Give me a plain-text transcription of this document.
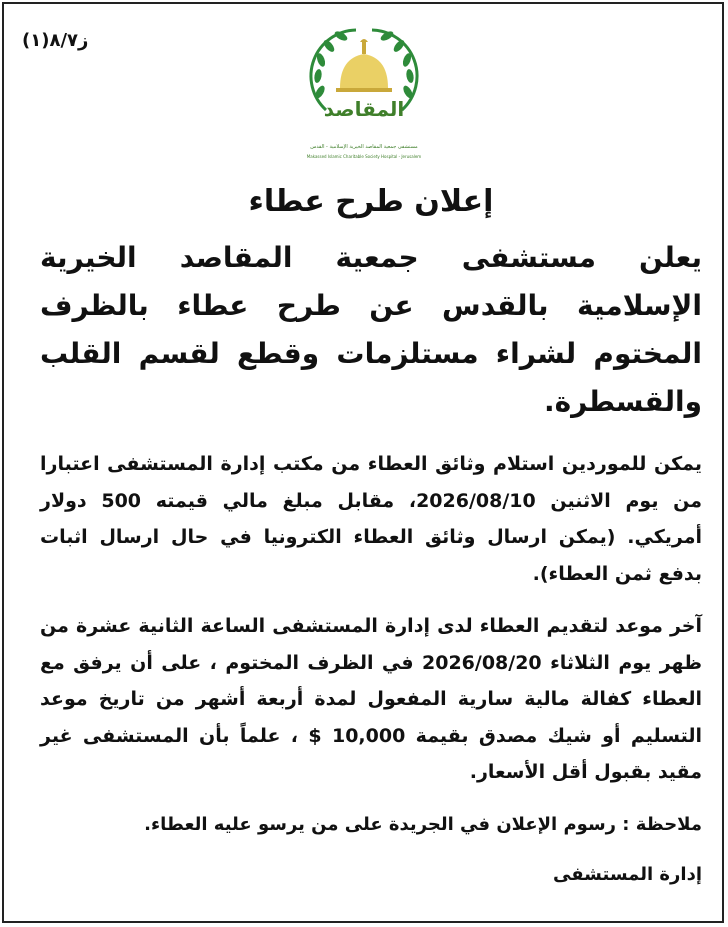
ز٨/٧(١)
المقاصد
مستشفى جمعية المقاصد الخيرية الإسلامية - القدس
Makassed Islamic Charitable Society Hospital - Jerusalem
إعلان طرح عطاء
يعلن مستشفى جمعية المقاصد الخيرية الإسلامية بالقدس عن طرح عطاء بالظرف المختوم لشراء مستلزمات وقطع لقسم القلب والقسطرة.
يمكن للموردين استلام وثائق العطاء من مكتب إدارة المستشفى اعتبارا من يوم الاثنين 2026/08/10، مقابل مبلغ مالي قيمته 500 دولار أمريكي. (يمكن ارسال وثائق العطاء الكترونيا في حال ارسال اثبات بدفع ثمن العطاء).
آخر موعد لتقديم العطاء لدى إدارة المستشفى الساعة الثانية عشرة من ظهر يوم الثلاثاء 2026/08/20 في الظرف المختوم ، على أن يرفق مع العطاء كفالة مالية سارية المفعول لمدة أربعة أشهر من تاريخ موعد التسليم أو شيك مصدق بقيمة 10,000 $ ، علماً بأن المستشفى غير مقيد بقبول أقل الأسعار.
ملاحظة : رسوم الإعلان في الجريدة على من يرسو عليه العطاء.
إدارة المستشفى
